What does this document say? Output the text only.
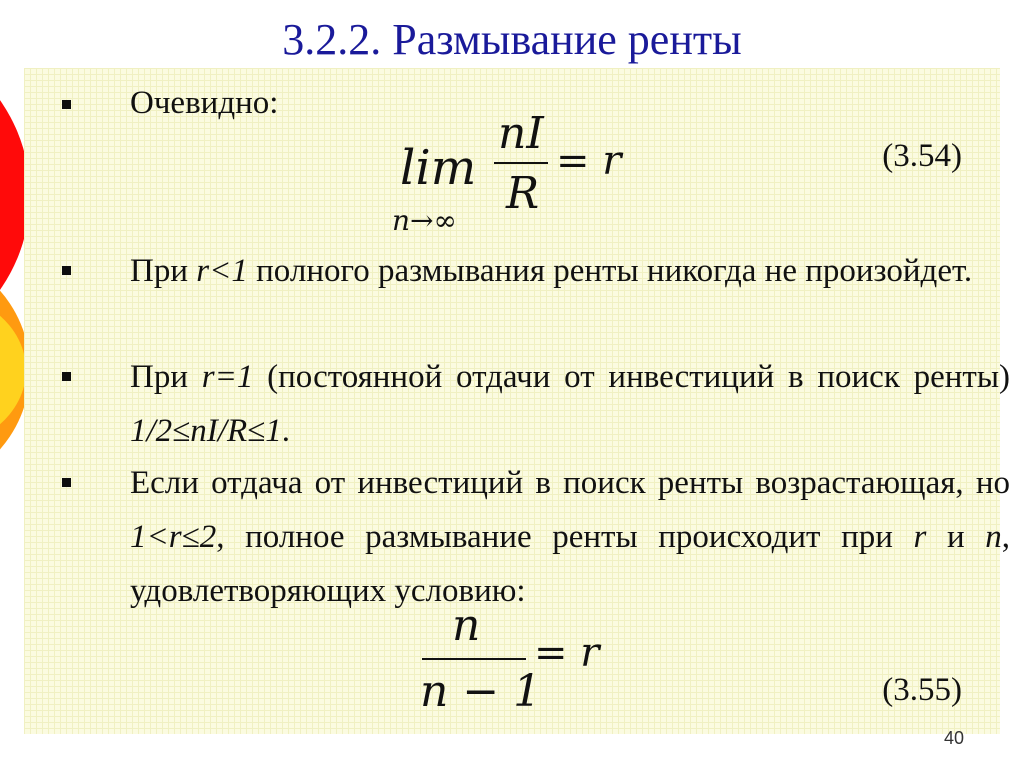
3.2.2. Размывание ренты
Очевидно:
lim
n→∞
nI
R
= r	(3.54)
При r<1 полного размывания ренты никогда не произойдет.
При r=1 (постоянной отдачи от инвестиций в поиск ренты) 1/2≤nI/R≤1.
Если отдача от инвестиций в поиск ренты возрастающая, но 1<r≤2, полное размывание ренты происходит при r и n, удовлетворяющих условию:
n
n − 1
= r
(3.55)
40
